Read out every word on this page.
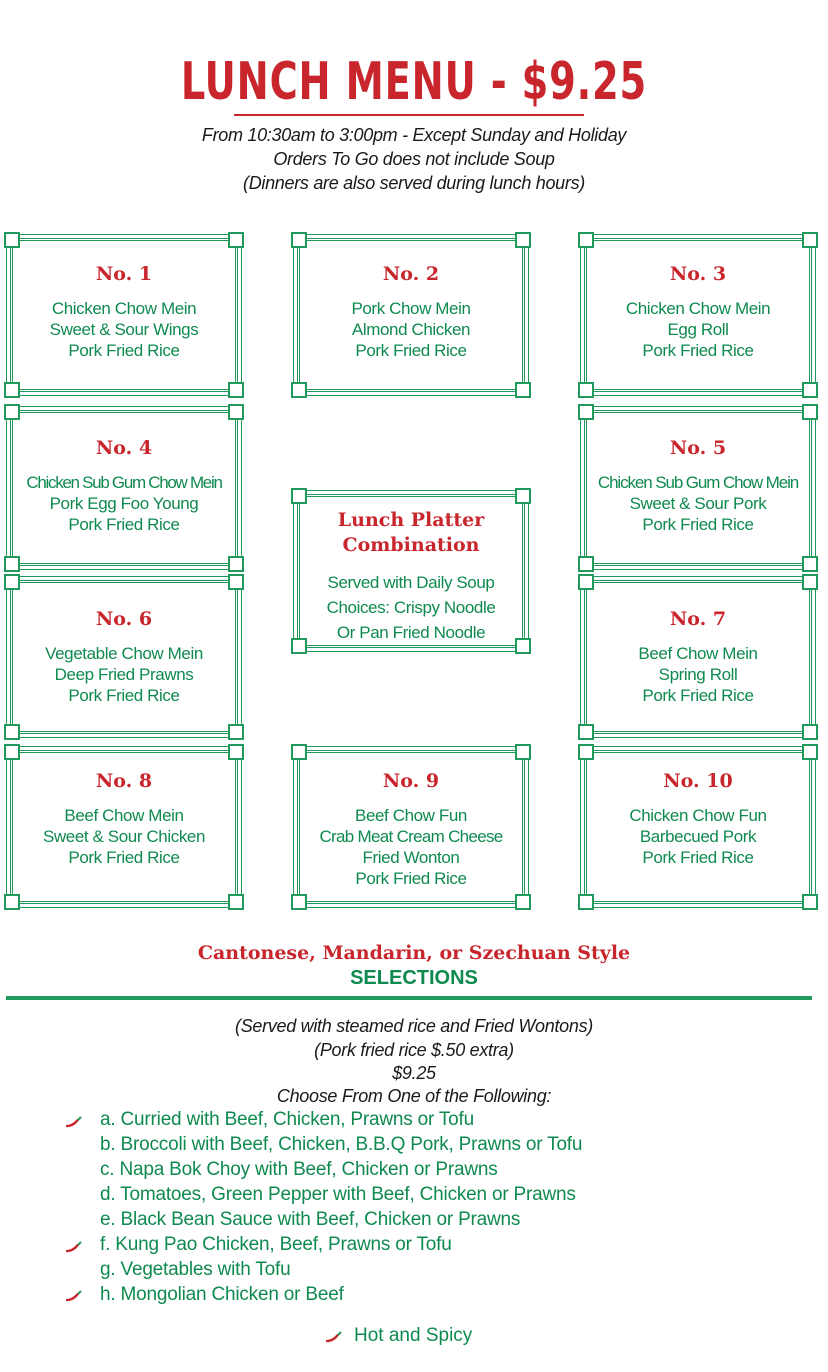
LUNCH MENU - $9.25
From 10:30am to 3:00pm - Except Sunday and Holiday
Orders To Go does not include Soup
(Dinners are also served during lunch hours)
No. 1
Chicken Chow Mein
Sweet & Sour Wings
Pork Fried Rice
No. 2
Pork Chow Mein
Almond Chicken
Pork Fried Rice
No. 3
Chicken Chow Mein
Egg Roll
Pork Fried Rice
No. 4
Chicken Sub Gum Chow Mein
Pork Egg Foo Young
Pork Fried Rice
No. 5
Chicken Sub Gum Chow Mein
Sweet & Sour Pork
Pork Fried Rice
Lunch Platter
Combination
Served with Daily Soup
Choices: Crispy Noodle
Or Pan Fried Noodle
No. 6
Vegetable Chow Mein
Deep Fried Prawns
Pork Fried Rice
No. 7
Beef Chow Mein
Spring Roll
Pork Fried Rice
No. 8
Beef Chow Mein
Sweet & Sour Chicken
Pork Fried Rice
No. 9
Beef Chow Fun
Crab Meat Cream Cheese
Fried Wonton
Pork Fried Rice
No. 10
Chicken Chow Fun
Barbecued Pork
Pork Fried Rice
Cantonese, Mandarin, or Szechuan Style
SELECTIONS
(Served with steamed rice and Fried Wontons)
(Pork fried rice $.50 extra)
$9.25
Choose From One of the Following:
a. Curried with Beef, Chicken, Prawns or Tofu
b. Broccoli with Beef, Chicken, B.B.Q Pork, Prawns or Tofu
c. Napa Bok Choy with Beef, Chicken or Prawns
d. Tomatoes, Green Pepper with Beef, Chicken or Prawns
e. Black Bean Sauce with Beef, Chicken or Prawns
f. Kung Pao Chicken, Beef, Prawns or Tofu
g. Vegetables with Tofu
h. Mongolian Chicken or Beef
Hot and Spicy
